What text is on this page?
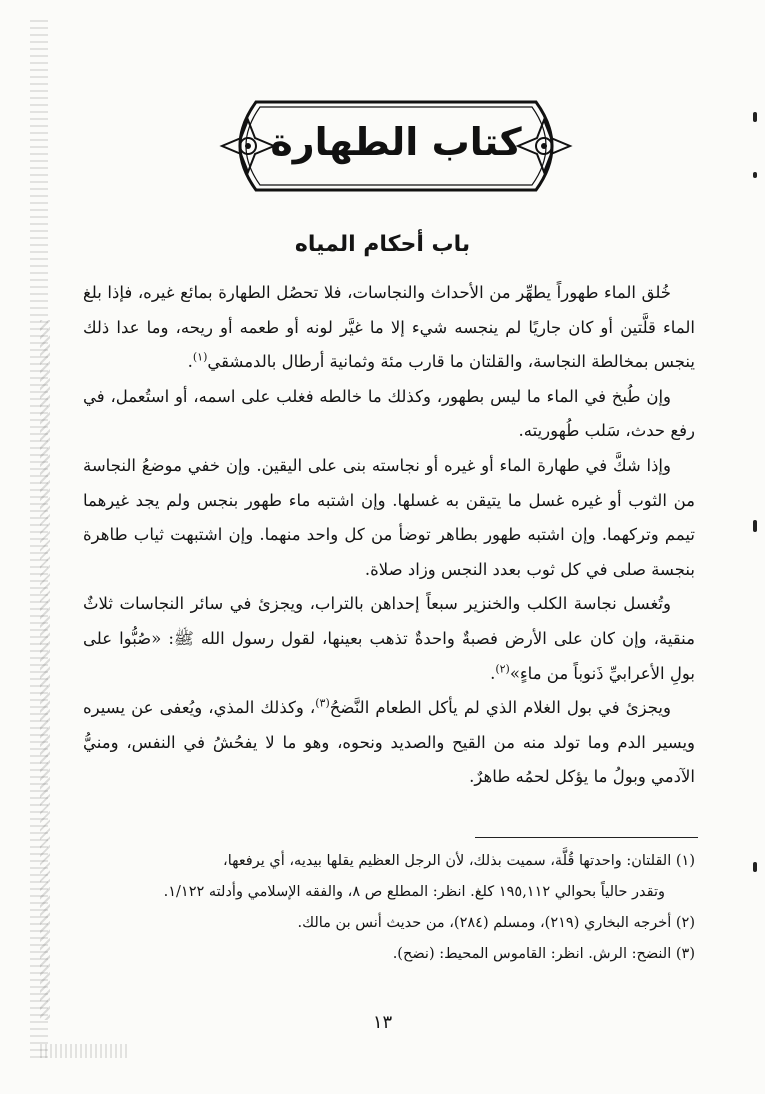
كتاب الطهارة
باب أحكام المياه

خُلق الماء طهوراً يطهِّر من الأحداث والنجاسات، فلا تحصُل الطهارة بمائع غيره، فإذا بلغ الماء قلَّتين أو كان جاريًا لم ينجسه شيء إلا ما غيَّر لونه أو طعمه أو ريحه، وما عدا ذلك ينجس بمخالطة النجاسة، والقلتان ما قارب مئة وثمانية أرطال بالدمشقي$^{(١)}$.

وإن طُبخ في الماء ما ليس بطهور، وكذلك ما خالطه فغلب على اسمه، أو استُعمل، في رفع حدث، سَلب طُهوريته.

وإذا شكَّ في طهارة الماء أو غيره أو نجاسته بنى على اليقين. وإن خفي موضعُ النجاسة من الثوب أو غيره غسل ما يتيقن به غسلها. وإن اشتبه ماء طهور بنجس ولم يجد غيرهما تيمم وتركهما. وإن اشتبه طهور بطاهر توضأ من كل واحد منهما. وإن اشتبهت ثياب طاهرة بنجسة صلى في كل ثوب بعدد النجس وزاد صلاة.

وتُغسل نجاسة الكلب والخنزير سبعاً إحداهن بالتراب، ويجزئ في سائر النجاسات ثلاثٌ منقية، وإن كان على الأرض فصبةٌ واحدةٌ تذهب بعينها، لقول رسول الله ﷺ: «صُبُّوا على بولِ الأعرابيِّ ذَنوباً من ماءٍ»$^{(٢)}$.

ويجزئ في بول الغلام الذي لم يأكل الطعام النَّضحُ$^{(٣)}$، وكذلك المذي، ويُعفى عن يسيره ويسير الدم وما تولد منه من القيح والصديد ونحوه، وهو ما لا يفحُشُ في النفس، ومنيُّ الآدمي وبولُ ما يؤكل لحمُه طاهرٌ.

(١) القلتان: واحدتها قُلَّة، سميت بذلك، لأن الرجل العظيم يقلها بيديه، أي يرفعها،

وتقدر حالياً بحوالي ١٩٥,١١٢ كلغ. انظر: المطلع ص ٨، والفقه الإسلامي وأدلته ١/١٢٢.

(٢) أخرجه البخاري (٢١٩)، ومسلم (٢٨٤)، من حديث أنس بن مالك.

(٣) النضح: الرش. انظر: القاموس المحيط: (نضح).

١٣
